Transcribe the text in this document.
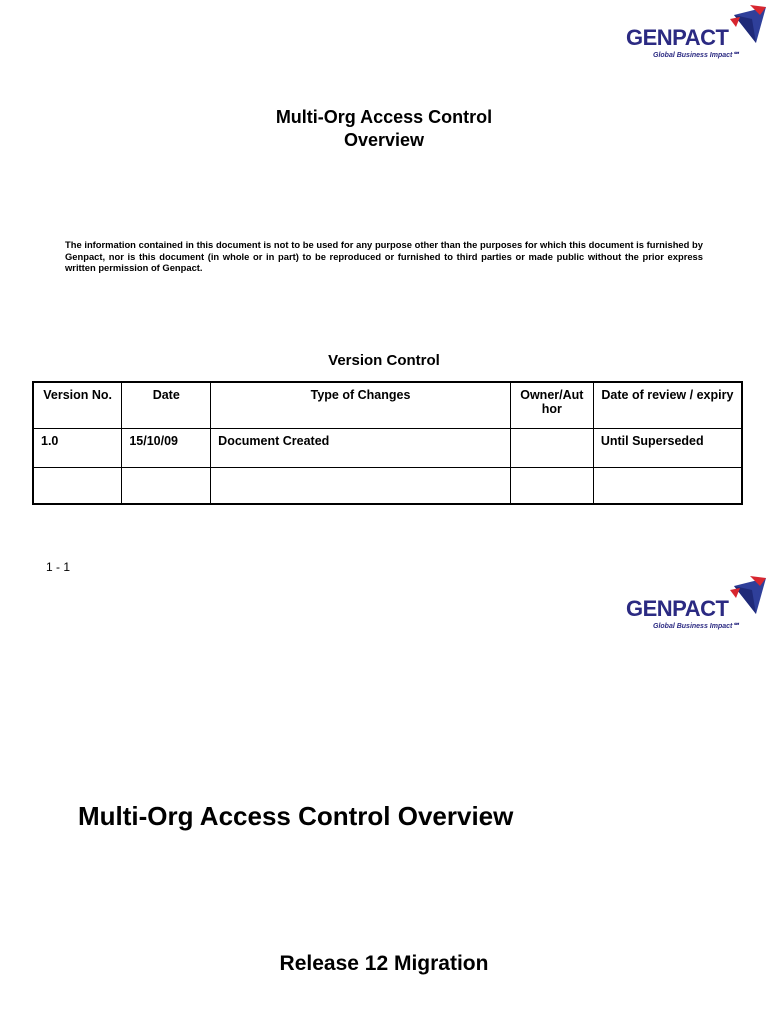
GENPACT
Global Business Impact℠
Multi-Org Access Control
Overview
The information contained in this document is not to be used for any purpose other than the purposes for which this document is furnished by Genpact, nor is this document (in whole or in part) to be reproduced or furnished to third parties or made public without the prior express written permission of Genpact.
Version Control
Version No.	Date	Type of Changes	Owner/Aut hor	Date of review / expiry
1.0	15/10/09	Document Created		Until Superseded

1 - 1
GENPACT
Global Business Impact℠
Multi-Org Access Control Overview
Release 12 Migration
